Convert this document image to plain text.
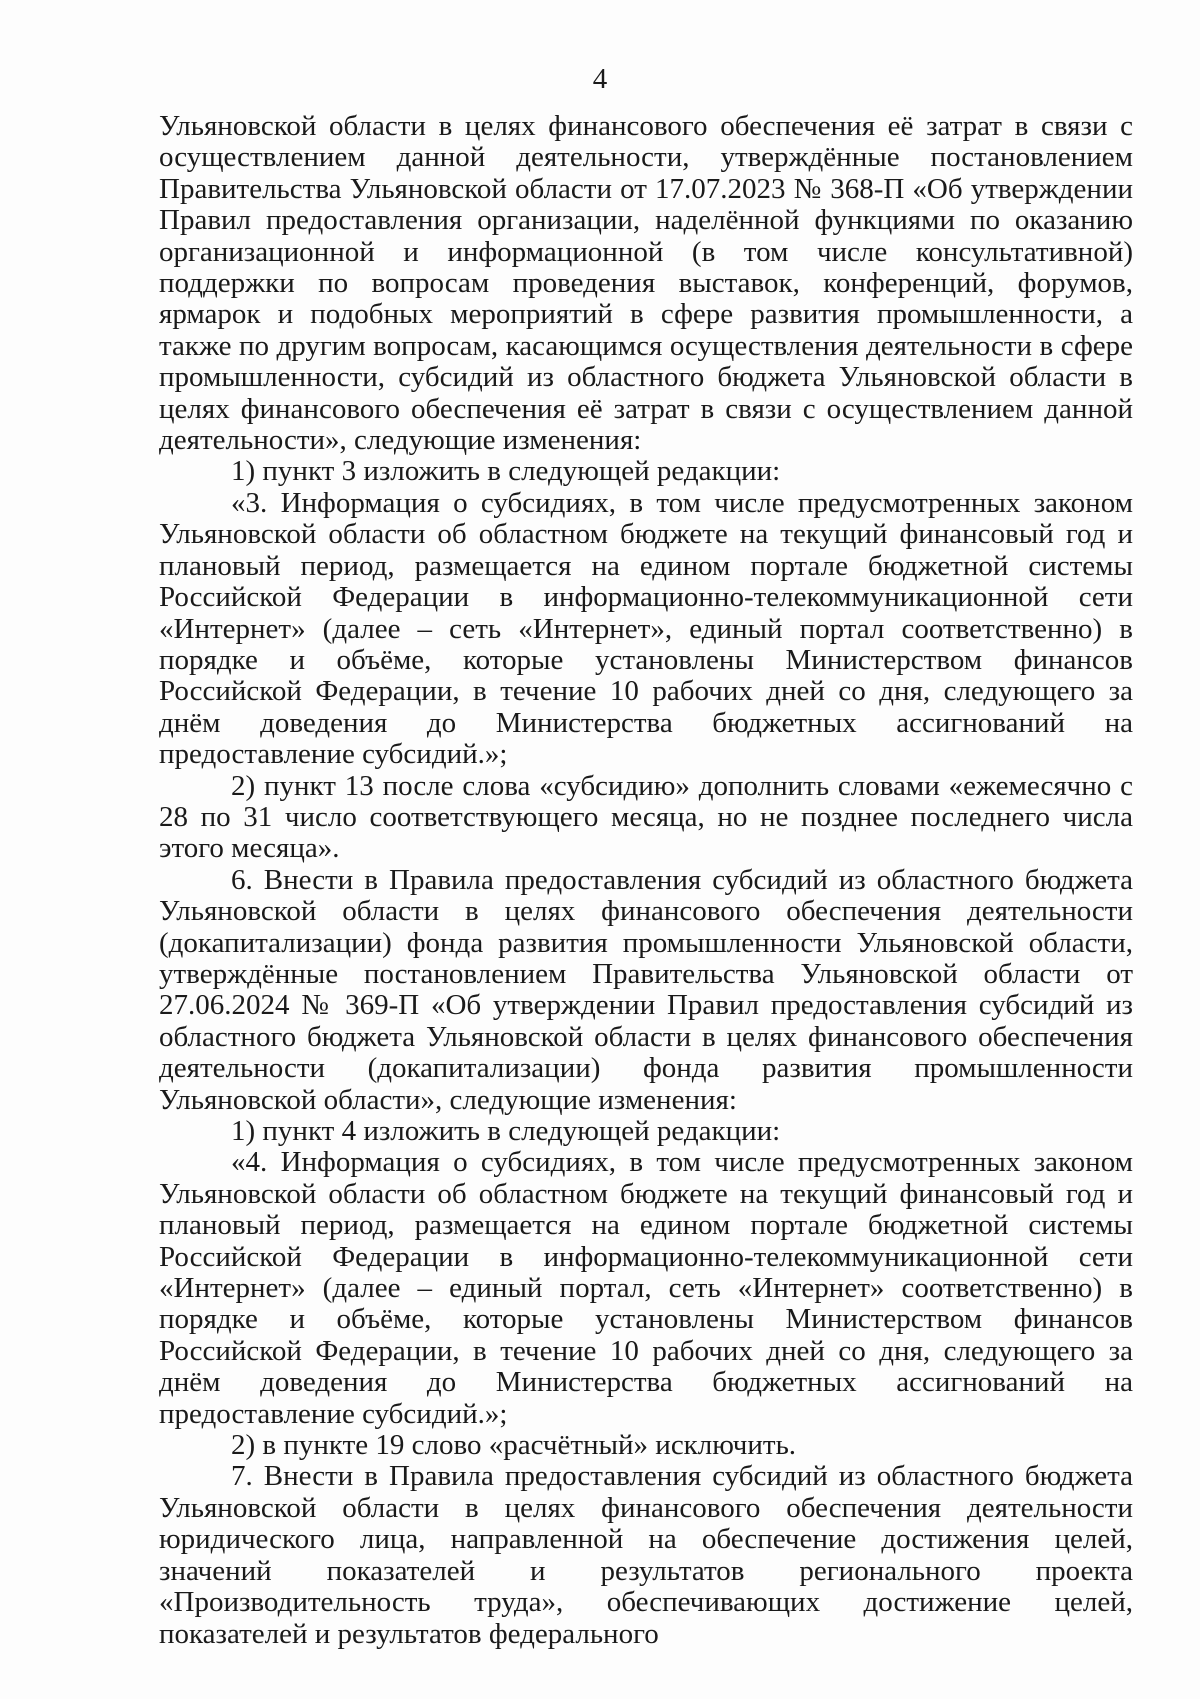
4

Ульяновской области в целях финансового обеспечения её затрат в связи с осуществлением данной деятельности, утверждённые постановлением Правительства Ульяновской области от 17.07.2023 № 368-П «Об утверждении Правил предоставления организации, наделённой функциями по оказанию организационной и информационной (в том числе консультативной) поддержки по вопросам проведения выставок, конференций, форумов, ярмарок и подобных мероприятий в сфере развития промышленности, а также по другим вопросам, касающимся осуществления деятельности в сфере промышленности, субсидий из областного бюджета Ульяновской области в целях финансового обеспечения её затрат в связи с осуществлением данной деятельности», следующие изменения:

1) пункт 3 изложить в следующей редакции:

«3. Информация о субсидиях, в том числе предусмотренных законом Ульяновской области об областном бюджете на текущий финансовый год и плановый период, размещается на едином портале бюджетной системы Российской Федерации в информационно-телекоммуникационной сети «Интернет» (далее – сеть «Интернет», единый портал соответственно) в порядке и объёме, которые установлены Министерством финансов Российской Федерации, в течение 10 рабочих дней со дня, следующего за днём доведения до Министерства бюджетных ассигнований на предоставление субсидий.»;

2) пункт 13 после слова «субсидию» дополнить словами «ежемесячно с 28 по 31 число соответствующего месяца, но не позднее последнего числа этого месяца».

6. Внести в Правила предоставления субсидий из областного бюджета Ульяновской области в целях финансового обеспечения деятельности (докапитализации) фонда развития промышленности Ульяновской области, утверждённые постановлением Правительства Ульяновской области от 27.06.2024 № 369-П «Об утверждении Правил предоставления субсидий из областного бюджета Ульяновской области в целях финансового обеспечения деятельности (докапитализации) фонда развития промышленности Ульяновской области», следующие изменения:

1) пункт 4 изложить в следующей редакции:

«4. Информация о субсидиях, в том числе предусмотренных законом Ульяновской области об областном бюджете на текущий финансовый год и плановый период, размещается на едином портале бюджетной системы Российской Федерации в информационно-телекоммуникационной сети «Интернет» (далее – единый портал, сеть «Интернет» соответственно) в порядке и объёме, которые установлены Министерством финансов Российской Федерации, в течение 10 рабочих дней со дня, следующего за днём доведения до Министерства бюджетных ассигнований на предоставление субсидий.»;

2) в пункте 19 слово «расчётный» исключить.

7. Внести в Правила предоставления субсидий из областного бюджета Ульяновской области в целях финансового обеспечения деятельности юридического лица, направленной на обеспечение достижения целей, значений показателей и результатов регионального проекта «Производительность труда», обеспечивающих достижение целей, показателей и результатов федерального
